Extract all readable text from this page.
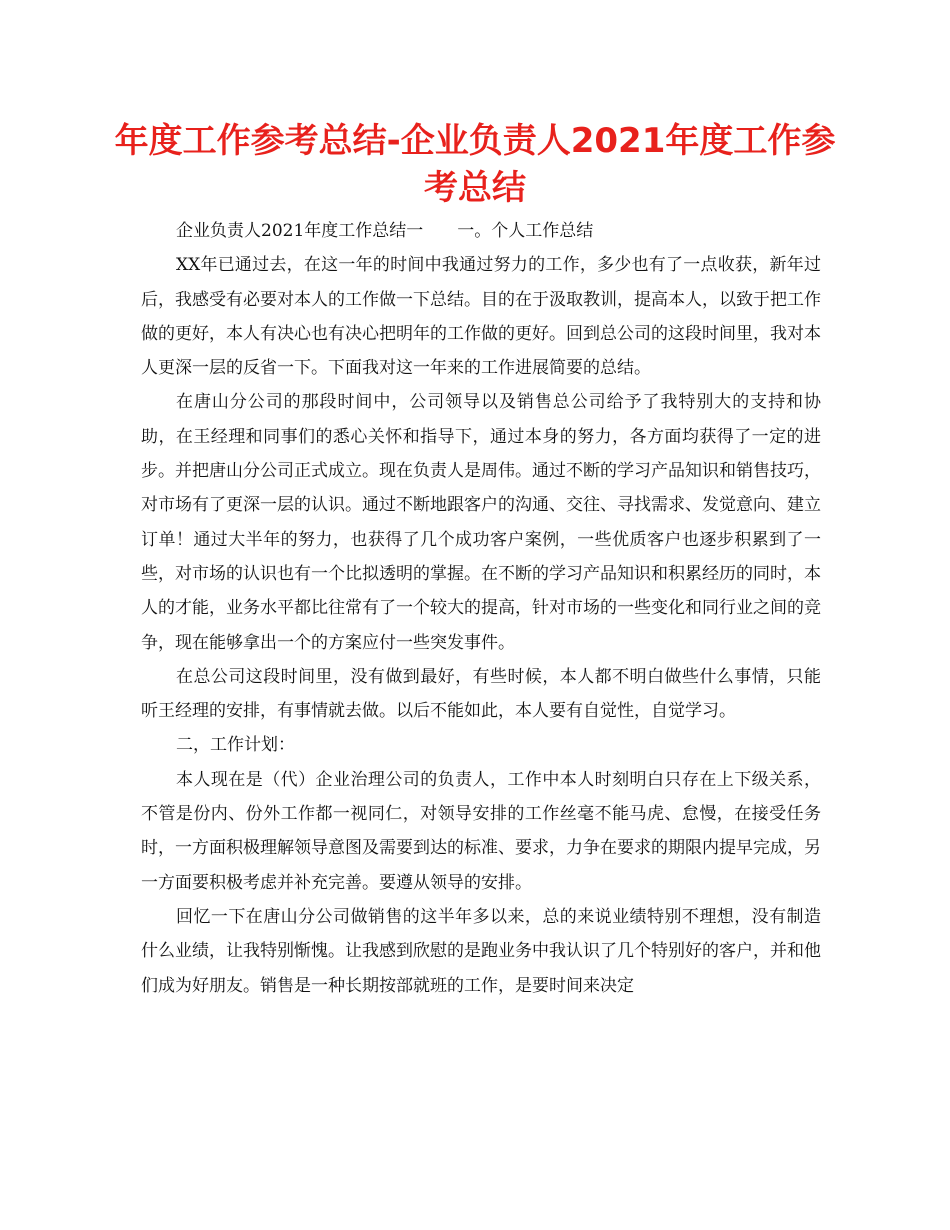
年度工作参考总结-企业负责人2021年度工作参考总结

企业负责人2021年度工作总结一　　一。个人工作总结

XX年已通过去，在这一年的时间中我通过努力的工作，多少也有了一点收获，新年过后，我感受有必要对本人的工作做一下总结。目的在于汲取教训，提高本人，以致于把工作做的更好，本人有决心也有决心把明年的工作做的更好。回到总公司的这段时间里，我对本人更深一层的反省一下。下面我对这一年来的工作进展简要的总结。

在唐山分公司的那段时间中，公司领导以及销售总公司给予了我特别大的支持和协助，在王经理和同事们的悉心关怀和指导下，通过本身的努力，各方面均获得了一定的进步。并把唐山分公司正式成立。现在负责人是周伟。通过不断的学习产品知识和销售技巧，对市场有了更深一层的认识。通过不断地跟客户的沟通、交往、寻找需求、发觉意向、建立订单！通过大半年的努力，也获得了几个成功客户案例，一些优质客户也逐步积累到了一些，对市场的认识也有一个比拟透明的掌握。在不断的学习产品知识和积累经历的同时，本人的才能，业务水平都比往常有了一个较大的提高，针对市场的一些变化和同行业之间的竞争，现在能够拿出一个的方案应付一些突发事件。

在总公司这段时间里，没有做到最好，有些时候，本人都不明白做些什么事情，只能听王经理的安排，有事情就去做。以后不能如此，本人要有自觉性，自觉学习。

二，工作计划：

本人现在是（代）企业治理公司的负责人，工作中本人时刻明白只存在上下级关系，不管是份内、份外工作都一视同仁，对领导安排的工作丝毫不能马虎、怠慢，在接受任务时，一方面积极理解领导意图及需要到达的标准、要求，力争在要求的期限内提早完成，另一方面要积极考虑并补充完善。要遵从领导的安排。

回忆一下在唐山分公司做销售的这半年多以来，总的来说业绩特别不理想，没有制造什么业绩，让我特别惭愧。让我感到欣慰的是跑业务中我认识了几个特别好的客户，并和他们成为好朋友。销售是一种长期按部就班的工作，是要时间来决定
